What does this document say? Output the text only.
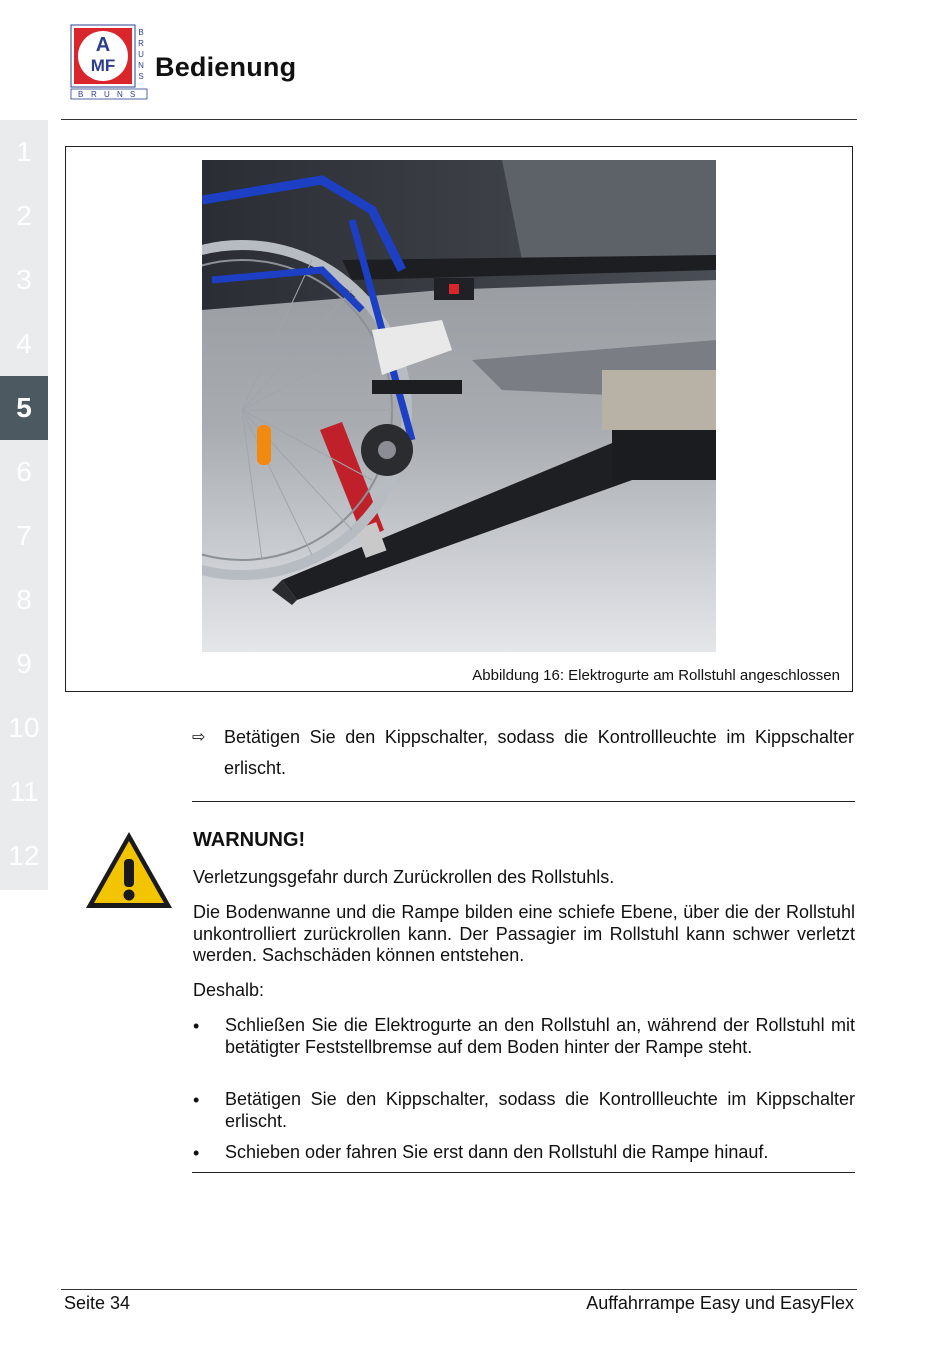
A
MF
B
R
U
N
S
B R U N S
Bedienung
1
2
3
4
5
6
7
8
9
10
11
12
Abbildung 16: Elektrogurte am Rollstuhl angeschlossen
⇨ Betätigen Sie den Kippschalter, sodass die Kontrollleuchte im Kippschalter erlischt.
WARNUNG!
Verletzungsgefahr durch Zurückrollen des Rollstuhls.
Die Bodenwanne und die Rampe bilden eine schiefe Ebene, über die der Rollstuhl unkontrolliert zurückrollen kann. Der Passagier im Rollstuhl kann schwer verletzt werden. Sachschäden können entstehen.
Deshalb:
• Schließen Sie die Elektrogurte an den Rollstuhl an, während der Rollstuhl mit betätigter Feststellbremse auf dem Boden hinter der Rampe steht.
• Betätigen Sie den Kippschalter, sodass die Kontrollleuchte im Kippschalter erlischt.
• Schieben oder fahren Sie erst dann den Rollstuhl die Rampe hinauf.
Seite 34	Auffahrrampe Easy und EasyFlex
